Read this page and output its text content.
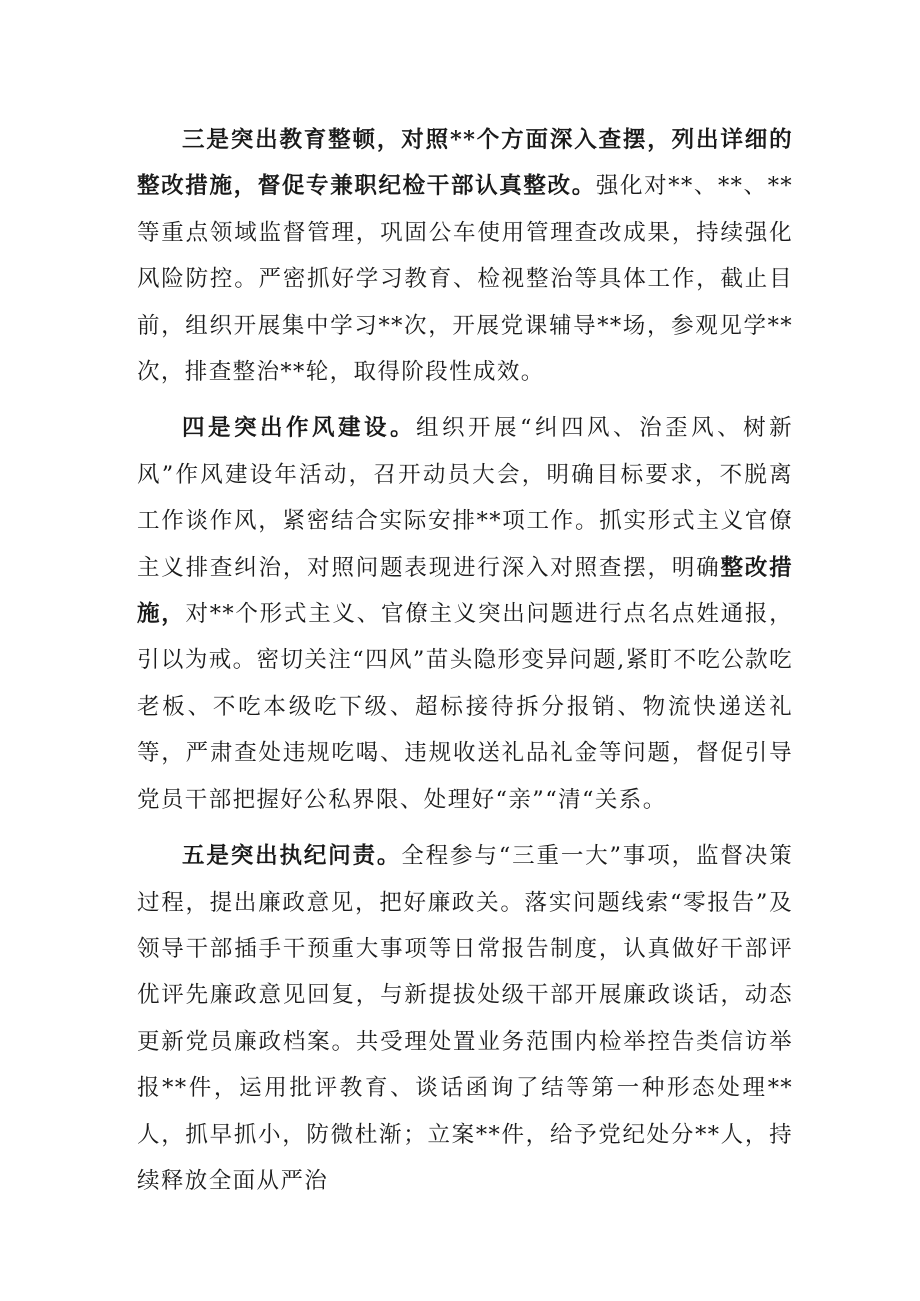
三是突出教育整顿，对照**个方面深入查摆，列出详细的整改措施，督促专兼职纪检干部认真整改。强化对**、**、**等重点领域监督管理，巩固公车使用管理查改成果，持续强化风险防控。严密抓好学习教育、检视整治等具体工作，截止目前，组织开展集中学习**次，开展党课辅导**场，参观见学**次，排查整治**轮，取得阶段性成效。

四是突出作风建设。组织开展“纠四风、治歪风、树新风”作风建设年活动，召开动员大会，明确目标要求，不脱离工作谈作风，紧密结合实际安排**项工作。抓实形式主义官僚主义排查纠治，对照问题表现进行深入对照查摆，明确整改措施，对**个形式主义、官僚主义突出问题进行点名点姓通报，引以为戒。密切关注“四风”苗头隐形变异问题,紧盯不吃公款吃老板、不吃本级吃下级、超标接待拆分报销、物流快递送礼等，严肃查处违规吃喝、违规收送礼品礼金等问题，督促引导党员干部把握好公私界限、处理好“亲”“清“关系。

五是突出执纪问责。全程参与“三重一大”事项，监督决策过程，提出廉政意见，把好廉政关。落实问题线索“零报告”及领导干部插手干预重大事项等日常报告制度，认真做好干部评优评先廉政意见回复，与新提拔处级干部开展廉政谈话，动态更新党员廉政档案。共受理处置业务范围内检举控告类信访举报**件，运用批评教育、谈话函询了结等第一种形态处理**人，抓早抓小，防微杜渐；立案**件，给予党纪处分**人，持续释放全面从严治
